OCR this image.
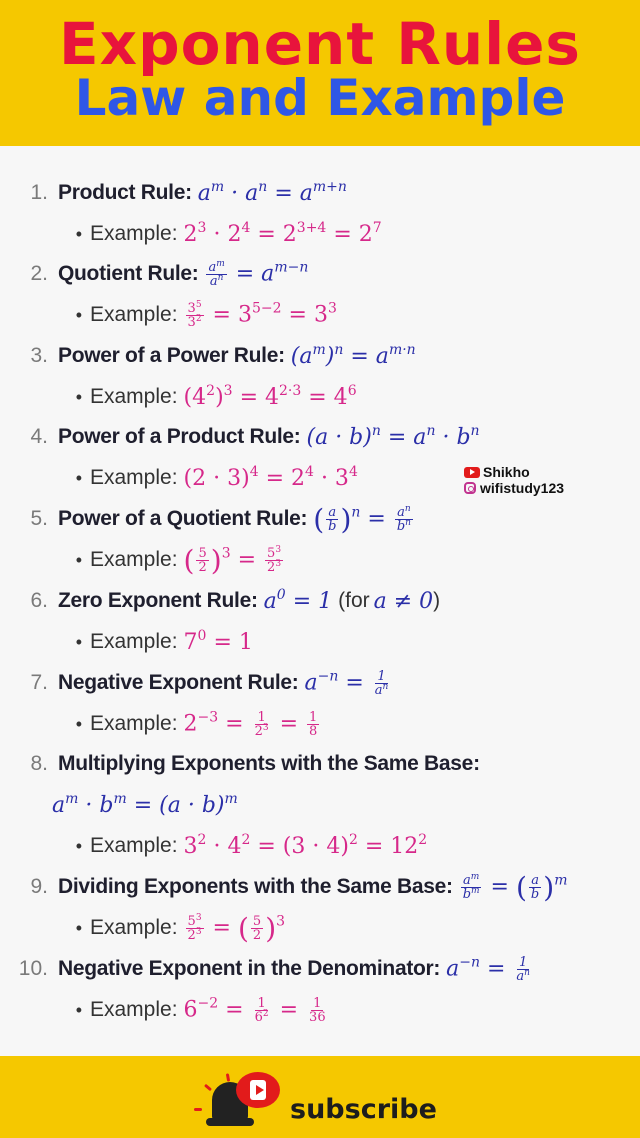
Exponent Rules
Law and Example
1. Product Rule: $a^m \cdot a^n = a^{m+n}$
• Example: $2^3 \cdot 2^4 = 2^{3+4} = 2^7$
2. Quotient Rule: $\frac{a^m}{a^n} = a^{m-n}$
• Example: $\frac{3^5}{3^2} = 3^{5-2} = 3^3$
3. Power of a Power Rule: $(a^m)^n = a^{m\cdot n}$
• Example: $(4^2)^3 = 4^{2\cdot 3} = 4^6$
4. Power of a Product Rule: $(a \cdot b)^n = a^n \cdot b^n$
• Example: $(2 \cdot 3)^4 = 2^4 \cdot 3^4$
5. Power of a Quotient Rule: ( $\frac{a}{b} )^n = \frac{a^n}{b^n}$
• Example: ( $\frac{5}{2} )^3 = \frac{5^3}{2^3}$
6. Zero Exponent Rule: $a^0 = 1$ (for a ≠ 0 )
• Example: $7^0 = 1$
7. Negative Exponent Rule: $a^{-n} = \frac{1}{a^n}$
• Example: $2^{-3} = \frac{1}{2^3} = \frac{1}{8}$
8. Multiplying Exponents with the Same Base:
$a^m \cdot b^m = (a \cdot b)^m$
• Example: $3^2 \cdot 4^2 = (3 \cdot 4)^2 = 12^2$
9. Dividing Exponents with the Same Base: $\frac{a^m}{b^m}$ = ( $\frac{a}{b} )^m$
• Example: $\frac{5^3}{2^3}$ = ( $\frac{5}{2} )^3$
10. Negative Exponent in the Denominator: $a^{-n} = \frac{1}{a^n}$
• Example: $6^{-2} = \frac{1}{6^2} = \frac{1}{36}$
Shikho
wifistudy123
subscribe
